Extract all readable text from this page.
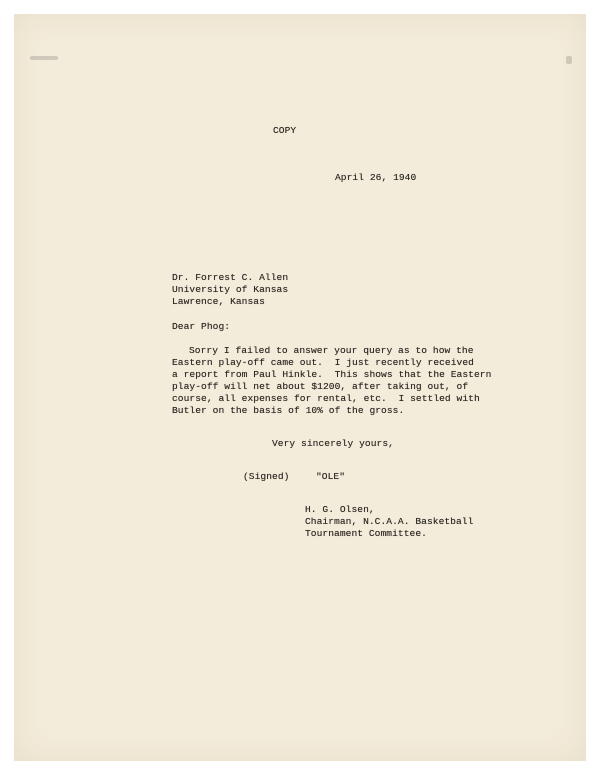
COPY
April 26, 1940
Dr. Forrest C. Allen
University of Kansas
Lawrence, Kansas
Dear Phog:
Sorry I failed to answer your query as to how the
Eastern play-off came out.  I just recently received
a report from Paul Hinkle.  This shows that the Eastern
play-off will net about $1200, after taking out, of
course, all expenses for rental, etc.  I settled with
Butler on the basis of 10% of the gross.
Very sincerely yours,
(Signed)	"OLE"
H. G. Olsen,
Chairman, N.C.A.A. Basketball
Tournament Committee.
